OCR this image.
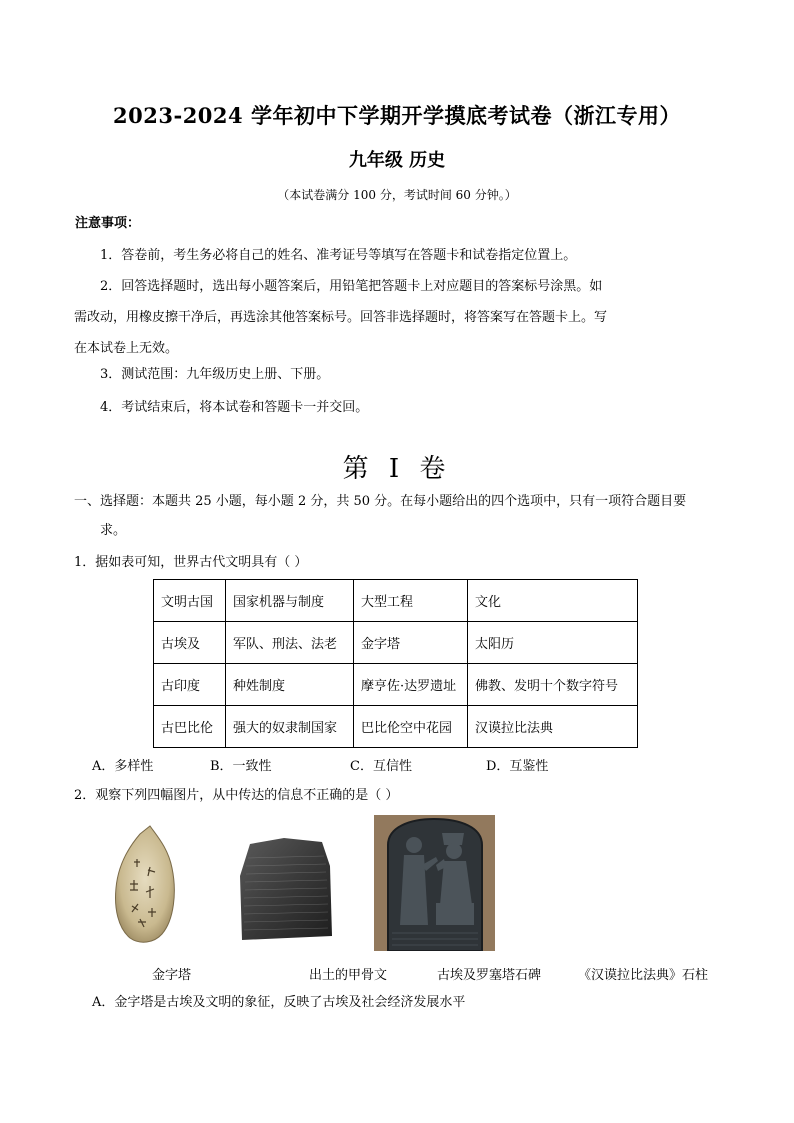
2023-2024 学年初中下学期开学摸底考试卷（浙江专用）
九年级 历史
（本试卷满分 100 分，考试时间 60 分钟。）
注意事项：
1．答卷前，考生务必将自己的姓名、准考证号等填写在答题卡和试卷指定位置上。
2．回答选择题时，选出每小题答案后，用铅笔把答题卡上对应题目的答案标号涂黑。如
需改动，用橡皮擦干净后，再选涂其他答案标号。回答非选择题时，将答案写在答题卡上。写
在本试卷上无效。
3．测试范围：九年级历史上册、下册。
4．考试结束后，将本试卷和答题卡一并交回。
第 I 卷
一、选择题：本题共 25 小题，每小题 2 分，共 50 分。在每小题给出的四个选项中，只有一项符合题目要
求。
1．据如表可知，世界古代文明具有（ ）
文明古国	国家机器与制度	大型工程	文化
古埃及	军队、刑法、法老	金字塔	太阳历
古印度	种姓制度	摩亨佐·达罗遗址	佛教、发明十个数字符号
古巴比伦	强大的奴隶制国家	巴比伦空中花园	汉谟拉比法典
A．多样性	B．一致性	C．互信性	D．互鉴性
2．观察下列四幅图片，从中传达的信息不正确的是（ ）
金字塔	出土的甲骨文	古埃及罗塞塔石碑	《汉谟拉比法典》石柱
A．金字塔是古埃及文明的象征，反映了古埃及社会经济发展水平
